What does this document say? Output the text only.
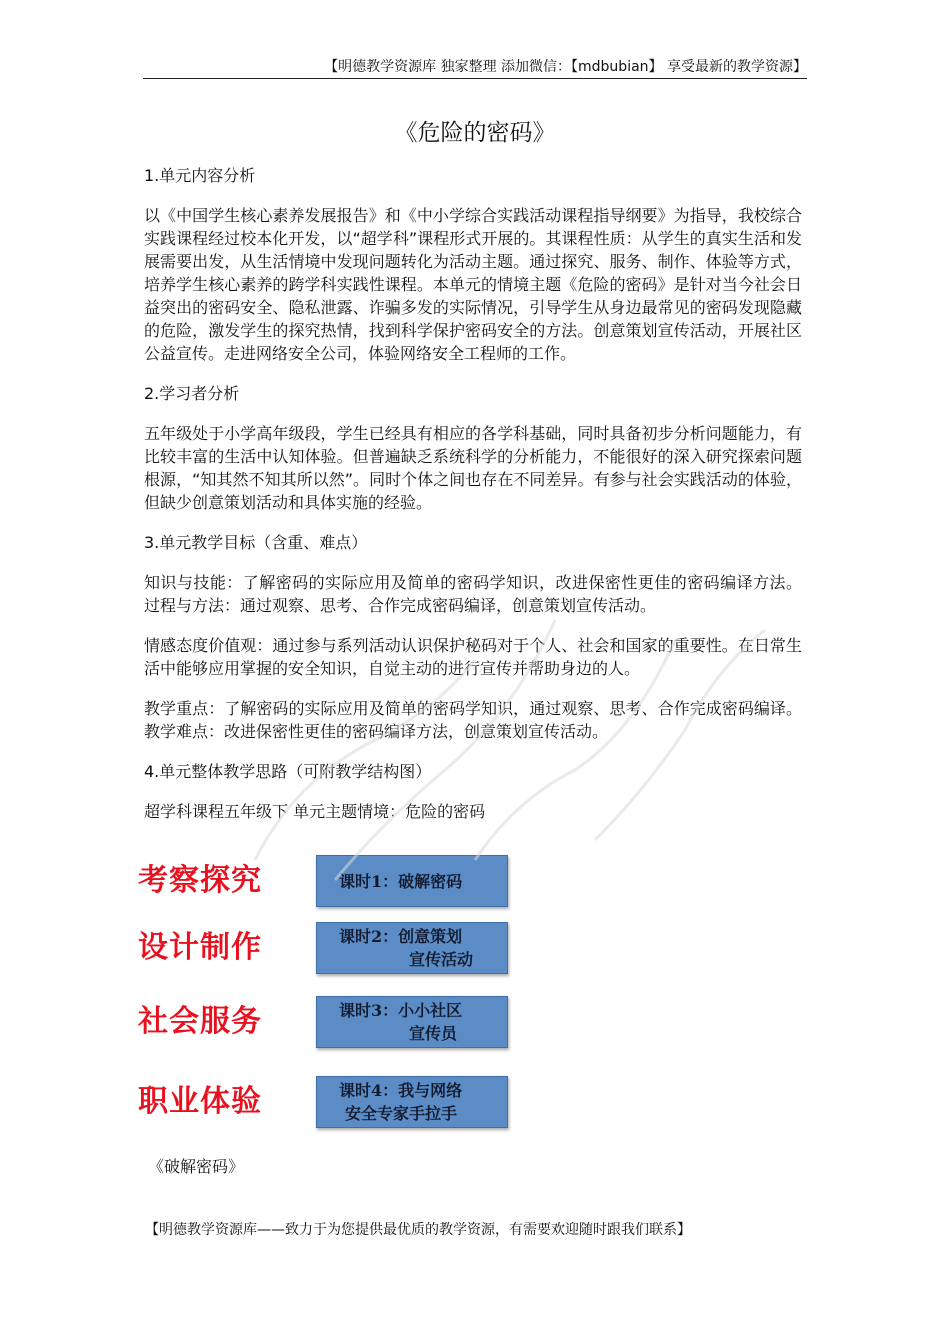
【明德教学资源库 独家整理 添加微信：【mdbubian】 享受最新的教学资源】
《危险的密码》

1.单元内容分析

以《中国学生核心素养发展报告》和《中小学综合实践活动课程指导纲要》为指导，我校综合实践课程经过校本化开发，以“超学科”课程形式开展的。其课程性质：从学生的真实生活和发展需要出发，从生活情境中发现问题转化为活动主题。通过探究、服务、制作、体验等方式，培养学生核心素养的跨学科实践性课程。本单元的情境主题《危险的密码》是针对当今社会日益突出的密码安全、隐私泄露、诈骗多发的实际情况，引导学生从身边最常见的密码发现隐藏的危险，激发学生的探究热情，找到科学保护密码安全的方法。创意策划宣传活动，开展社区公益宣传。走进网络安全公司，体验网络安全工程师的工作。

2.学习者分析

五年级处于小学高年级段，学生已经具有相应的各学科基础，同时具备初步分析问题能力，有比较丰富的生活中认知体验。但普遍缺乏系统科学的分析能力，不能很好的深入研究探索问题根源，“知其然不知其所以然”。同时个体之间也存在不同差异。有参与社会实践活动的体验，但缺少创意策划活动和具体实施的经验。

3.单元教学目标（含重、难点）

知识与技能：了解密码的实际应用及简单的密码学知识，改进保密性更佳的密码编译方法。 过程与方法：通过观察、思考、合作完成密码编译，创意策划宣传活动。

情感态度价值观：通过参与系列活动认识保护秘码对于个人、社会和国家的重要性。在日常生活中能够应用掌握的安全知识，自觉主动的进行宣传并帮助身边的人。

教学重点：了解密码的实际应用及简单的密码学知识，通过观察、思考、合作完成密码编译。 教学难点：改进保密性更佳的密码编译方法，创意策划宣传活动。

4.单元整体教学思路（可附教学结构图）

超学科课程五年级下 单元主题情境：危险的密码

考察探究	课时1：破解密码
设计制作	课时2：创意策划
宣传活动
社会服务	课时3：小小社区
宣传员
职业体验	课时4：我与网络
安全专家手拉手
《破解密码》
【明德教学资源库——致力于为您提供最优质的教学资源，有需要欢迎随时跟我们联系】
